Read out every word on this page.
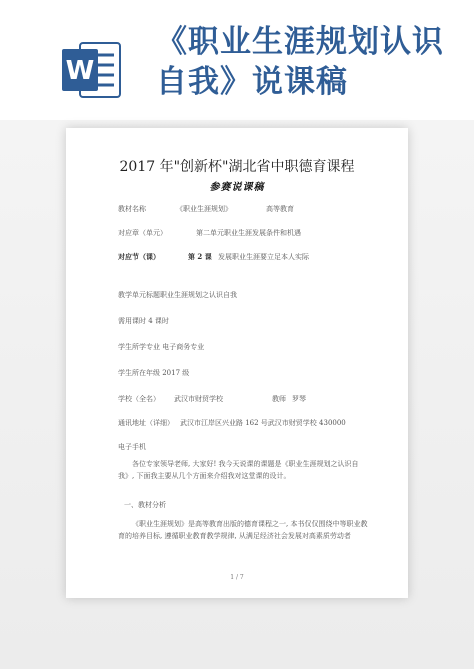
W
《职业生涯规划认识自我》说课稿
2017 年"创新杯"湖北省中职德育课程
参赛说课稿
教材名称	《职业生涯规划》	高等教育
对应章（单元）	第二单元职业生涯发展条件和机遇
对应节（课）	第 2 课 发展职业生涯要立足本人实际
教学单元标题职业生涯规划之认识自我
需用课时 4 课时
学生所学专业 电子商务专业
学生所在年级 2017 级
学校（全名） 武汉市财贸学校	教师 罗琴
通讯地址（详细） 武汉市江岸区兴业路 162 号武汉市财贸学校 430000
电子手机
各位专家领导老师, 大家好! 我今天说课的课题是《职业生涯规划之认识自我》, 下面我主要从几个方面来介绍我对这堂课的设计。
一、教材分析
《职业生涯规划》是高等教育出版的德育课程之一, 本书仅仅围绕中等职业教育的培养目标, 遵循职业教育教学规律, 从满足经济社会发展对高素质劳动者
1 / 7
